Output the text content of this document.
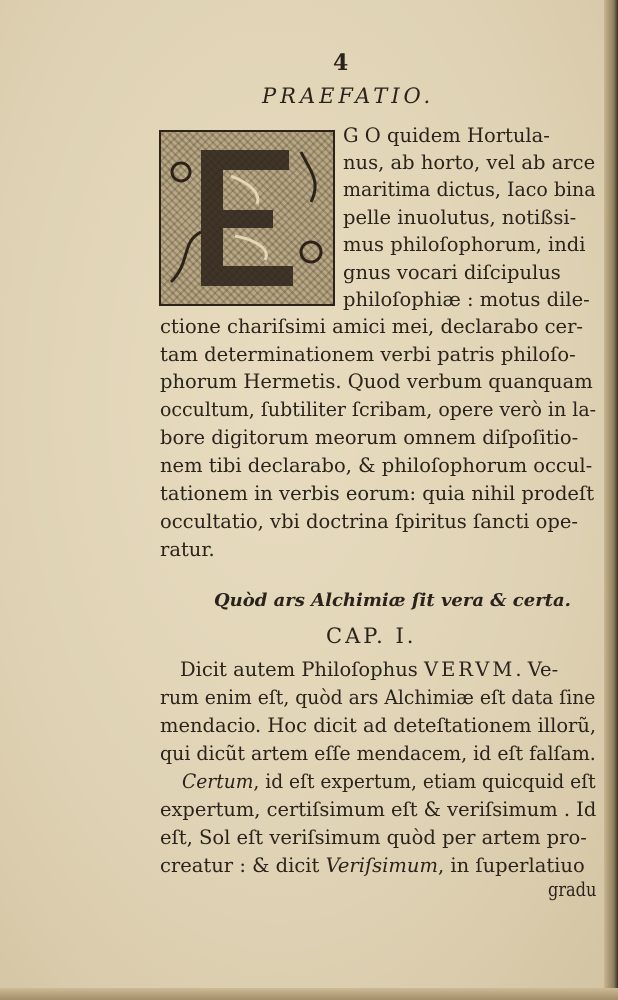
4
PRAEFATIO.
G O quidem Hortula-
nus, ab horto, vel ab arce
maritima dictus, Iaco bina
pelle inuolutus, notißsi-
mus philoſophorum, indi
gnus vocari diſcipulus
philoſophiæ : motus dile-
ctione chariſsimi amici mei, declarabo cer-
tam determinationem verbi patris philoſo-
phorum Hermetis. Quod verbum quanquam
occultum, ſubtiliter ſcribam, opere verò in la-
bore digitorum meorum omnem diſpoſitio-
nem tibi declarabo, & philoſophorum occul-
tationem in verbis eorum: quia nihil prodeſt
occultatio, vbi doctrina ſpiritus ſancti ope-
ratur.
Quòd ars Alchimiæ ſit vera & certa.
CAP. I.
Dicit autem Philoſophus VERVM. Ve-
rum enim eſt, quòd ars Alchimiæ eſt data ſine
mendacio. Hoc dicit ad deteſtationem illorũ,
qui dicũt artem eſſe mendacem, id eſt falſam.
Certum, id eſt expertum, etiam quicquid eſt
expertum, certiſsimum eſt & veriſsimum . Id
eſt, Sol eſt veriſsimum quòd per artem pro-
creatur : & dicit Veriſsimum, in ſuperlatiuo
gradu
